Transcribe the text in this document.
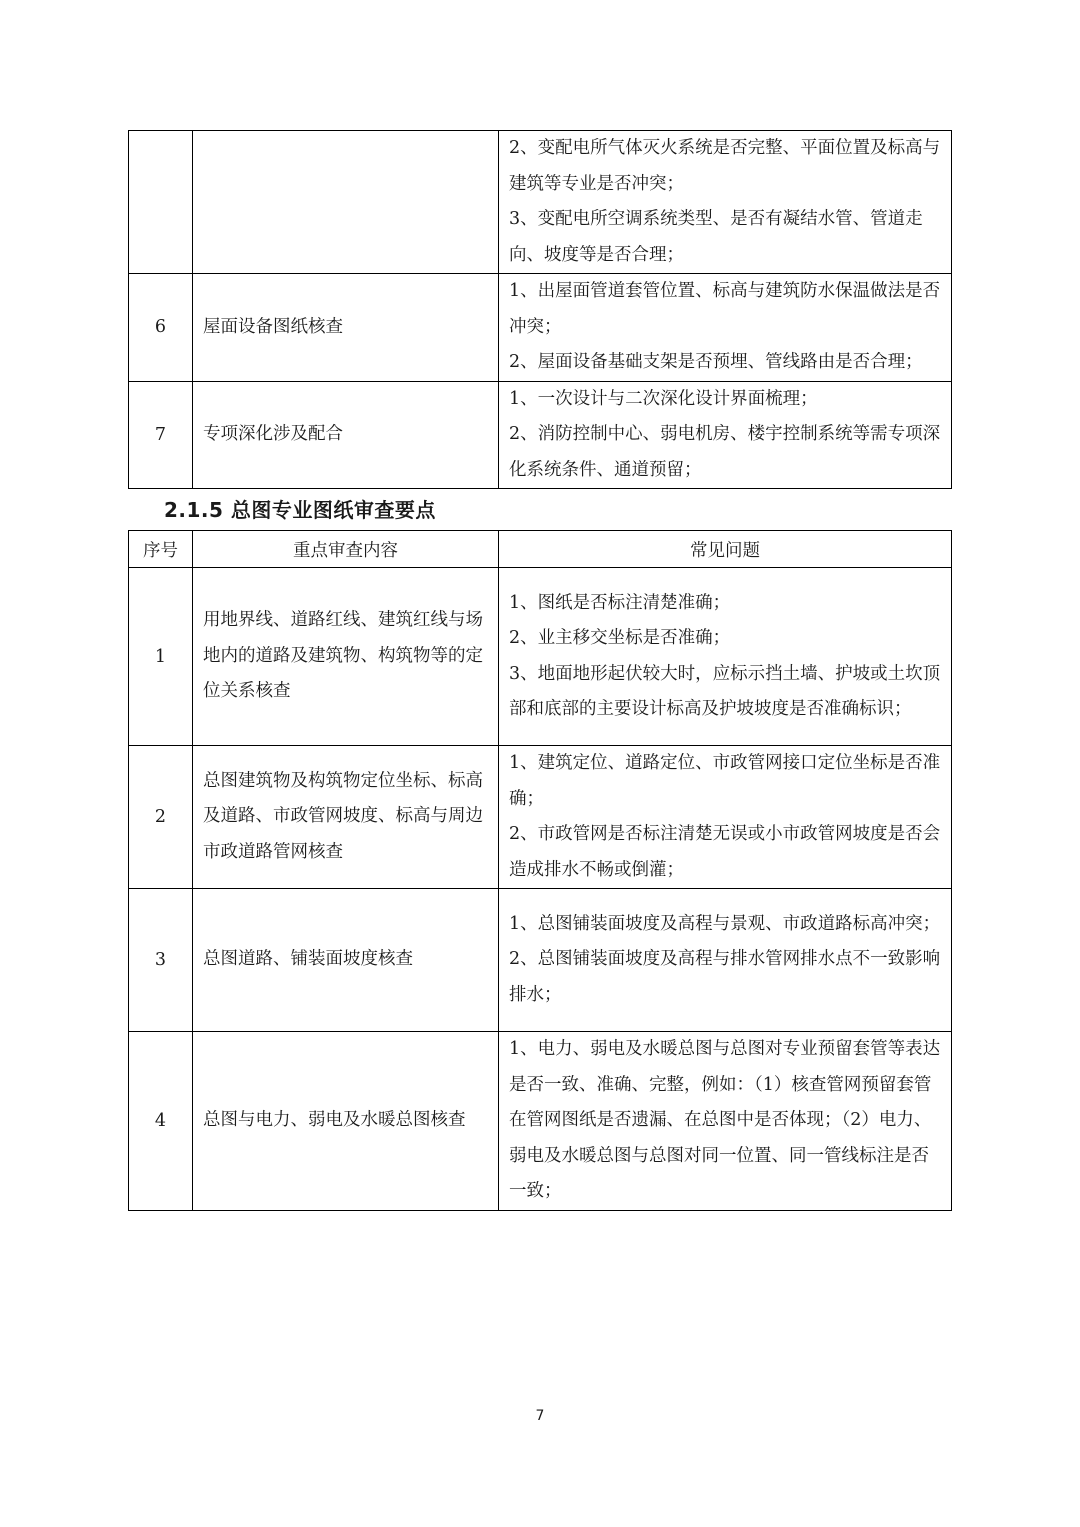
		2、变配电所气体灭火系统是否完整、平面位置及标高与建筑等专业是否冲突；

3、变配电所空调系统类型、是否有凝结水管、管道走向、坡度等是否合理；

6	屋面设备图纸核查	1、出屋面管道套管位置、标高与建筑防水保温做法是否冲突；

2、屋面设备基础支架是否预埋、管线路由是否合理；

7	专项深化涉及配合	1、一次设计与二次深化设计界面梳理；

2、消防控制中心、弱电机房、楼宇控制系统等需专项深化系统条件、通道预留；

2.1.5 总图专业图纸审查要点
序号	重点审查内容	常见问题
1	用地界线、道路红线、建筑红线与场地内的道路及建筑物、构筑物等的定位关系核查	1、图纸是否标注清楚准确；

2、业主移交坐标是否准确；

3、地面地形起伏较大时，应标示挡土墙、护坡或土坎顶部和底部的主要设计标高及护坡坡度是否准确标识；

2	总图建筑物及构筑物定位坐标、标高及道路、市政管网坡度、标高与周边市政道路管网核查	1、建筑定位、道路定位、市政管网接口定位坐标是否准确；

2、市政管网是否标注清楚无误或小市政管网坡度是否会造成排水不畅或倒灌；

3	总图道路、铺装面坡度核查	1、总图铺装面坡度及高程与景观、市政道路标高冲突；

2、总图铺装面坡度及高程与排水管网排水点不一致影响排水；

4	总图与电力、弱电及水暖总图核查	1、电力、弱电及水暖总图与总图对专业预留套管等表达是否一致、准确、完整，例如：（1）核查管网预留套管在管网图纸是否遗漏、在总图中是否体现；（2）电力、弱电及水暖总图与总图对同一位置、同一管线标注是否一致；

7
